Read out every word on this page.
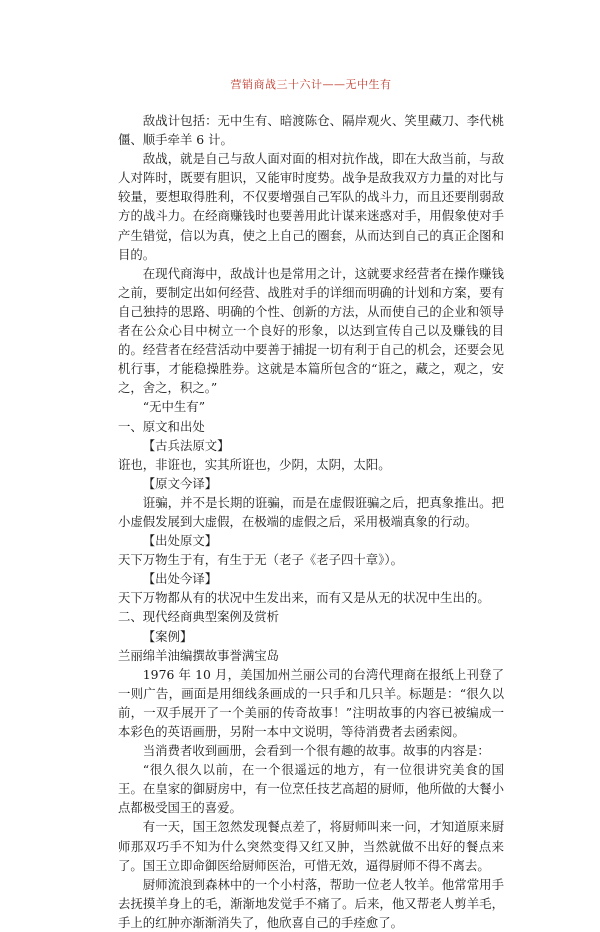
营销商战三十六计——无中生有

敌战计包括：无中生有、暗渡陈仓、隔岸观火、笑里藏刀、李代桃僵、顺手牵羊 6 计。

敌战，就是自己与敌人面对面的相对抗作战，即在大敌当前，与敌人对阵时，既要有胆识，又能审时度势。战争是敌我双方力量的对比与较量，要想取得胜利，不仅要增强自己军队的战斗力，而且还要削弱敌方的战斗力。在经商赚钱时也要善用此计谋来迷惑对手，用假象使对手产生错觉，信以为真，使之上自己的圈套，从而达到自己的真正企图和目的。

在现代商海中，敌战计也是常用之计，这就要求经营者在操作赚钱之前，要制定出如何经营、战胜对手的详细而明确的计划和方案，要有自己独持的思路、明确的个性、创新的方法，从而使自己的企业和领导者在公众心目中树立一个良好的形象，以达到宣传自己以及赚钱的目的。经营者在经营活动中要善于捕捉一切有利于自己的机会，还要会见机行事，才能稳操胜券。这就是本篇所包含的“诳之，藏之，观之，安之，舍之，积之。”

“无中生有”

一、原文和出处

【古兵法原文】

诳也，非诳也，实其所诳也，少阴，太阴，太阳。

【原文今译】

诳骗，并不是长期的诳骗，而是在虚假诳骗之后，把真象推出。把小虚假发展到大虚假，在极端的虚假之后，采用极端真象的行动。

【出处原文】

天下万物生于有，有生于无（老子《老子四十章》）。

【出处今译】

天下万物都从有的状况中生发出来，而有又是从无的状况中生出的。

二、现代经商典型案例及赏析

【案例】

兰丽绵羊油编撰故事誉满宝岛

1976 年 10 月，美国加州兰丽公司的台湾代理商在报纸上刊登了一则广告，画面是用细线条画成的一只手和几只羊。标题是：“很久以前，一双手展开了一个美丽的传奇故事！”注明故事的内容已被编成一本彩色的英语画册，另附一本中文说明，等待消费者去函索阅。

当消费者收到画册，会看到一个很有趣的故事。故事的内容是：

“很久很久以前，在一个很遥远的地方，有一位很讲究美食的国王。在皇家的御厨房中，有一位烹任技艺高超的厨师，他所做的大餐小点都极受国王的喜爱。

有一天，国王忽然发现餐点差了，将厨师叫来一问，才知道原来厨师那双巧手不知为什么突然变得又红又肿，当然就做不出好的餐点来了。国王立即命御医给厨师医治，可惜无效，逼得厨师不得不离去。

厨师流浪到森林中的一个小村落，帮助一位老人牧羊。他常常用手去抚摸羊身上的毛，渐渐地发觉手不痛了。后来，他又帮老人剪羊毛，手上的红肿亦渐渐消失了，他欣喜自己的手痊愈了。
